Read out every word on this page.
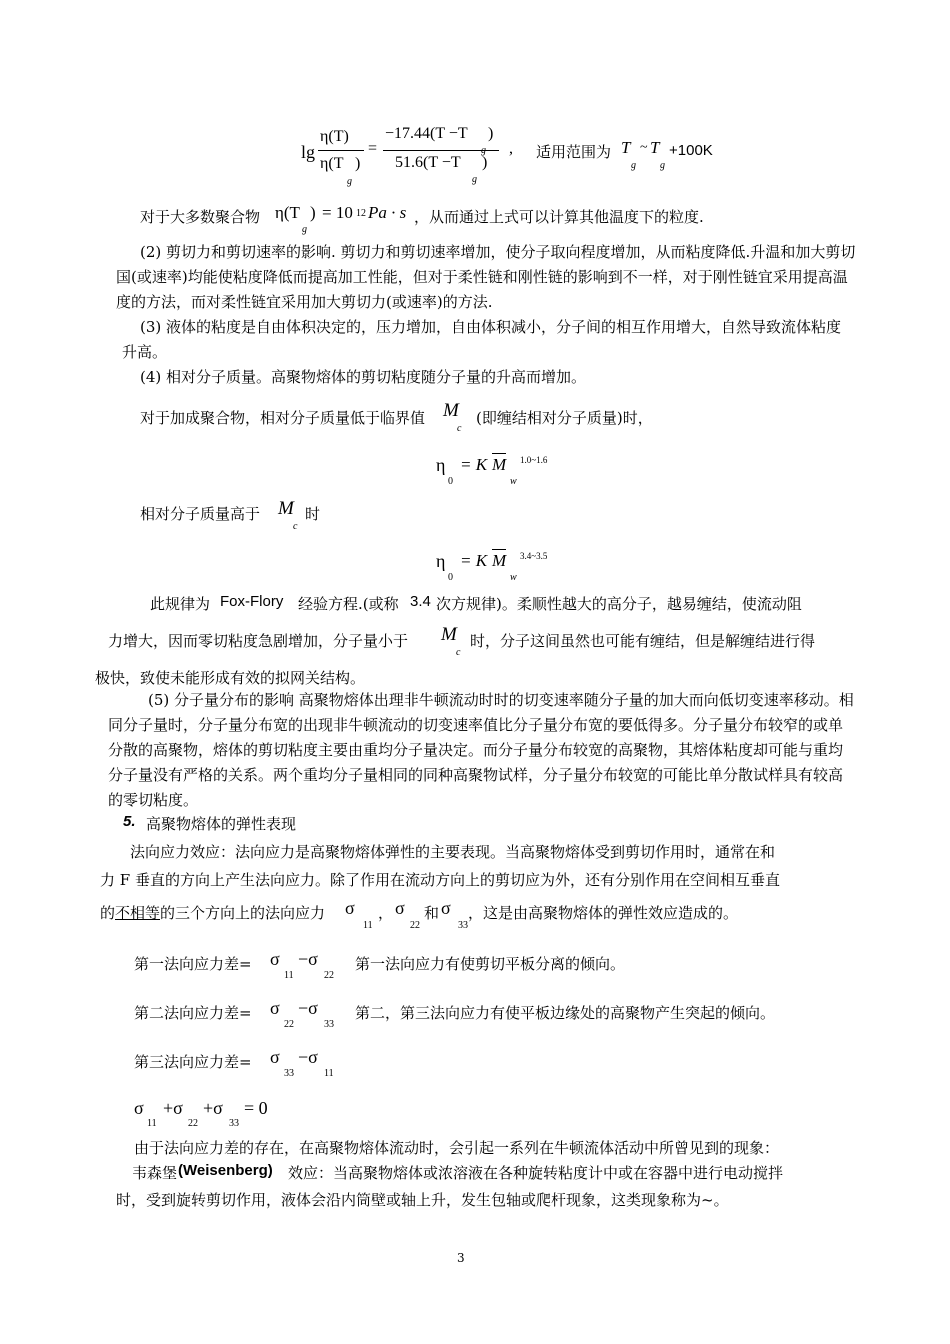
lg
η(T)
η(T )
g
=
−17.44(T −T )
g
51.6(T −T )
g
, 适用范围为 T
g
~ T
g
+100K
对于大多数聚合物 η(T )
g
= 10 12 Pa · s ，从而通过上式可以计算其他温度下的粒度.
(2) 剪切力和剪切速率的影响. 剪切力和剪切速率增加，使分子取向程度增加，从而粘度降低.升温和加大剪切国(或速率)均能使粘度降低而提高加工性能，但对于柔性链和刚性链的影响到不一样，对于刚性链宜采用提高温度的方法，而对柔性链宜采用加大剪切力(或速率)的方法.
(3) 液体的粘度是自由体积决定的，压力增加，自由体积减小，分子间的相互作用增大，自然导致流体粘度升高。
(4) 相对分子质量。高聚物熔体的剪切粘度随分子量的升高而增加。
对于加成聚合物，相对分子质量低于临界值 M
c
(即缠结相对分子质量)时，
η
0
= K M
w
1.0~1.6
相对分子质量高于 M
c
时
η
0
= K M
w
3.4~3.5
此规律为 Fox-Flory 经验方程.(或称 3.4 次方规律)。柔顺性越大的高分子，越易缠结，使流动阻
力增大，因而零切粘度急剧增加，分子量小于 M
c
时，分子这间虽然也可能有缠结，但是解缠结进行得
极快，致使未能形成有效的拟网关结构。
(5) 分子量分布的影响 高聚物熔体出理非牛顿流动时时的切变速率随分子量的加大而向低切变速率移动。相同分子量时，分子量分布宽的出现非牛顿流动的切变速率值比分子量分布宽的要低得多。分子量分布较窄的或单分散的高聚物，熔体的剪切粘度主要由重均分子量决定。而分子量分布较宽的高聚物，其熔体粘度却可能与重均分子量没有严格的关系。两个重均分子量相同的同种高聚物试样，分子量分布较宽的可能比单分散试样具有较高的零切粘度。
5. 高聚物熔体的弹性表现
法向应力效应：法向应力是高聚物熔体弹性的主要表现。当高聚物熔体受到剪切作用时，通常在和
力 F 垂直的方向上产生法向应力。除了作用在流动方向上的剪切应为外，还有分别作用在空间相互垂直
的 不相等 的三个方向上的法向应力 σ
11
， σ
22
和 σ
33
，这是由高聚物熔体的弹性效应造成的。
第一法向应力差= σ
11
−σ
22
第一法向应力有使剪切平板分离的倾向。
第二法向应力差= σ
22
−σ
33
第二，第三法向应力有使平板边缘处的高聚物产生突起的倾向。
第三法向应力差= σ
33
−σ
11
σ
11
+σ
22
+σ
33
= 0
由于法向应力差的存在，在高聚物熔体流动时，会引起一系列在牛顿流体活动中所曾见到的现象：
韦森堡 (Weisenberg) 效应：当高聚物熔体或浓溶液在各种旋转粘度计中或在容器中进行电动搅拌
时，受到旋转剪切作用，液体会沿内筒壁或轴上升，发生包轴或爬杆现象，这类现象称为~。
3
